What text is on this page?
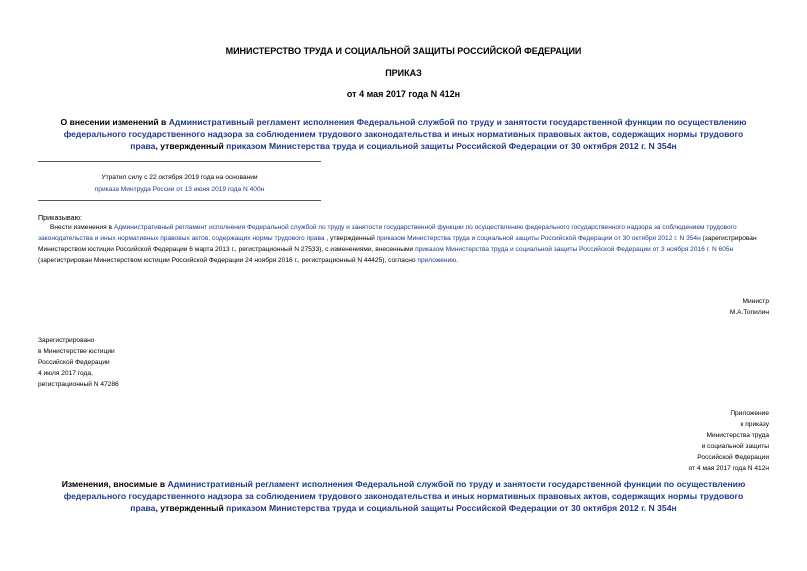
МИНИСТЕРСТВО ТРУДА И СОЦИАЛЬНОЙ ЗАЩИТЫ РОССИЙСКОЙ ФЕДЕРАЦИИ
ПРИКАЗ
от 4 мая 2017 года N 412н
О внесении изменений в Административный регламент исполнения Федеральной службой по труду и занятости государственной функции по осуществлению федерального государственного надзора за соблюдением трудового законодательства и иных нормативных правовых актов, содержащих нормы трудового права, утвержденный приказом Министерства труда и социальной защиты Российской Федерации от 30 октября 2012 г. N 354н
Утратил силу с 22 октября 2019 года на основании
приказа Минтруда России от 13 июня 2019 года N 400н
Приказываю:
Внести изменения в Административный регламент исполнения Федеральной службой по труду и занятости государственной функции по осуществлению федерального государственного надзора за соблюдением трудового законодательства и иных нормативных правовых актов, содержащих нормы трудового права , утвержденный приказом Министерства труда и социальной защиты Российской Федерации от 30 октября 2012 г. N 354н (зарегистрирован Министерством юстиции Российской Федерации 6 марта 2013 г., регистрационный N 27533), с изменениями, внесенными приказом Министерства труда и социальной защиты Российской Федерации от 3 ноября 2016 г. N 605н (зарегистрирован Министерством юстиции Российской Федерации 24 ноября 2016 г., регистрационный N 44425), согласно приложению.
Министр
М.А.Топилин
Зарегистрировано
в Министерстве юстиции
Российской Федерации
4 июля 2017 года,
регистрационный N 47286
Приложение
к приказу
Министерства труда
и социальной защиты
Российской Федерации
от 4 мая 2017 года N 412н
Изменения, вносимые в Административный регламент исполнения Федеральной службой по труду и занятости государственной функции по осуществлению федерального государственного надзора за соблюдением трудового законодательства и иных нормативных правовых актов, содержащих нормы трудового права, утвержденный приказом Министерства труда и социальной защиты Российской Федерации от 30 октября 2012 г. N 354н
